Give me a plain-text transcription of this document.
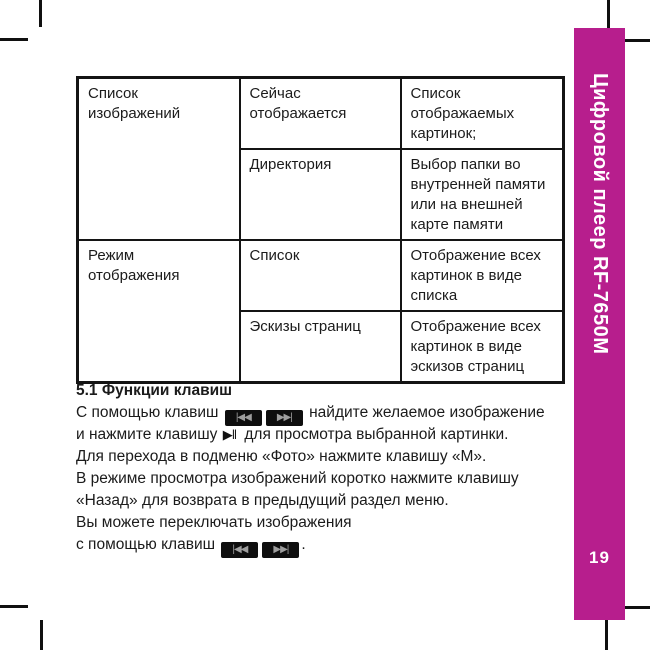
Цифровой плеер RF-7650M
19
Список изображений	Сейчас отображается	Список отображаемых картинок;
	Директория	Выбор папки во внутренней памяти или на внешней карте памяти
Режим отображения	Список	Отображение всех картинок в виде списка
	Эскизы страниц	Отображение всех картинок в виде эскизов страниц
5.1 Функции клавиш
С помощью клавиш |◀◀	▶▶| найдите желаемое изображение
и нажмите клавишу ▶‖ для просмотра выбранной картинки.
Для перехода в подменю «Фото» нажмите клавишу «М».
В режиме просмотра изображений коротко нажмите клавишу
«Назад» для возврата в предыдущий раздел меню.
Вы можете переключать изображения
с помощью клавиш |◀◀	▶▶| .
